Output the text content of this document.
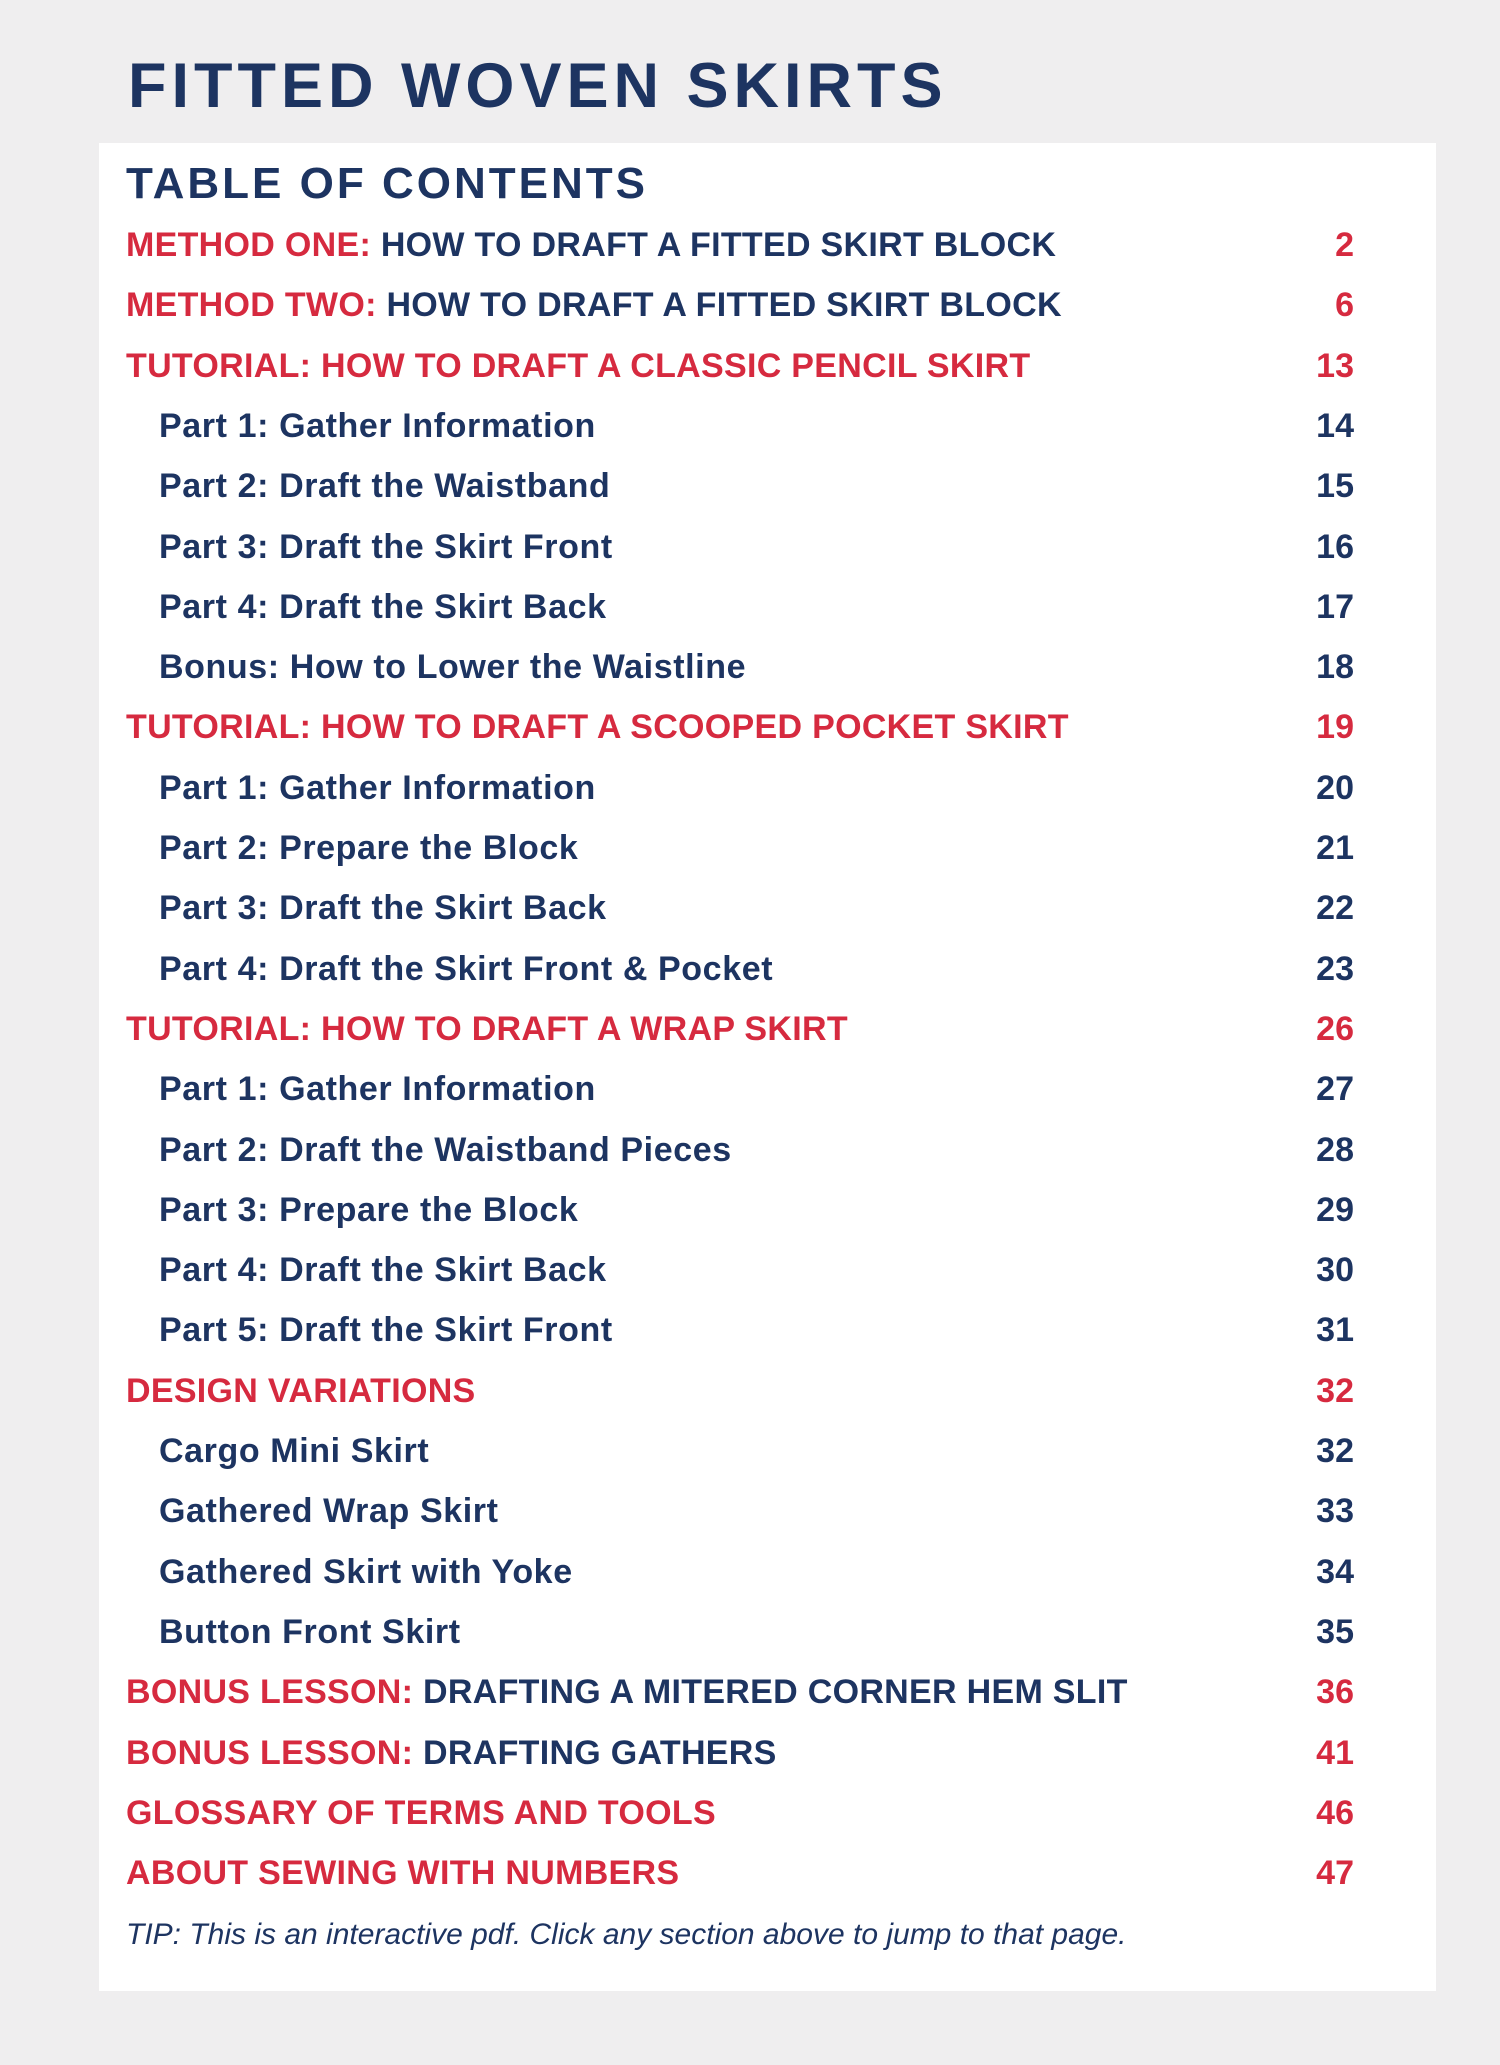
FITTED WOVEN SKIRTS
TABLE OF CONTENTS
METHOD ONE: HOW TO DRAFT A FITTED SKIRT BLOCK	2
METHOD TWO: HOW TO DRAFT A FITTED SKIRT BLOCK	6
TUTORIAL: HOW TO DRAFT A CLASSIC PENCIL SKIRT	13
Part 1: Gather Information	14
Part 2: Draft the Waistband	15
Part 3: Draft the Skirt Front	16
Part 4: Draft the Skirt Back	17
Bonus: How to Lower the Waistline	18
TUTORIAL: HOW TO DRAFT A SCOOPED POCKET SKIRT	19
Part 1: Gather Information	20
Part 2: Prepare the Block	21
Part 3: Draft the Skirt Back	22
Part 4: Draft the Skirt Front & Pocket	23
TUTORIAL: HOW TO DRAFT A WRAP SKIRT	26
Part 1: Gather Information	27
Part 2: Draft the Waistband Pieces	28
Part 3: Prepare the Block	29
Part 4: Draft the Skirt Back	30
Part 5: Draft the Skirt Front	31
DESIGN VARIATIONS	32
Cargo Mini Skirt	32
Gathered Wrap Skirt	33
Gathered Skirt with Yoke	34
Button Front Skirt	35
BONUS LESSON: DRAFTING A MITERED CORNER HEM SLIT	36
BONUS LESSON: DRAFTING GATHERS	41
GLOSSARY OF TERMS AND TOOLS	46
ABOUT SEWING WITH NUMBERS	47

TIP: This is an interactive pdf. Click any section above to jump to that page.
